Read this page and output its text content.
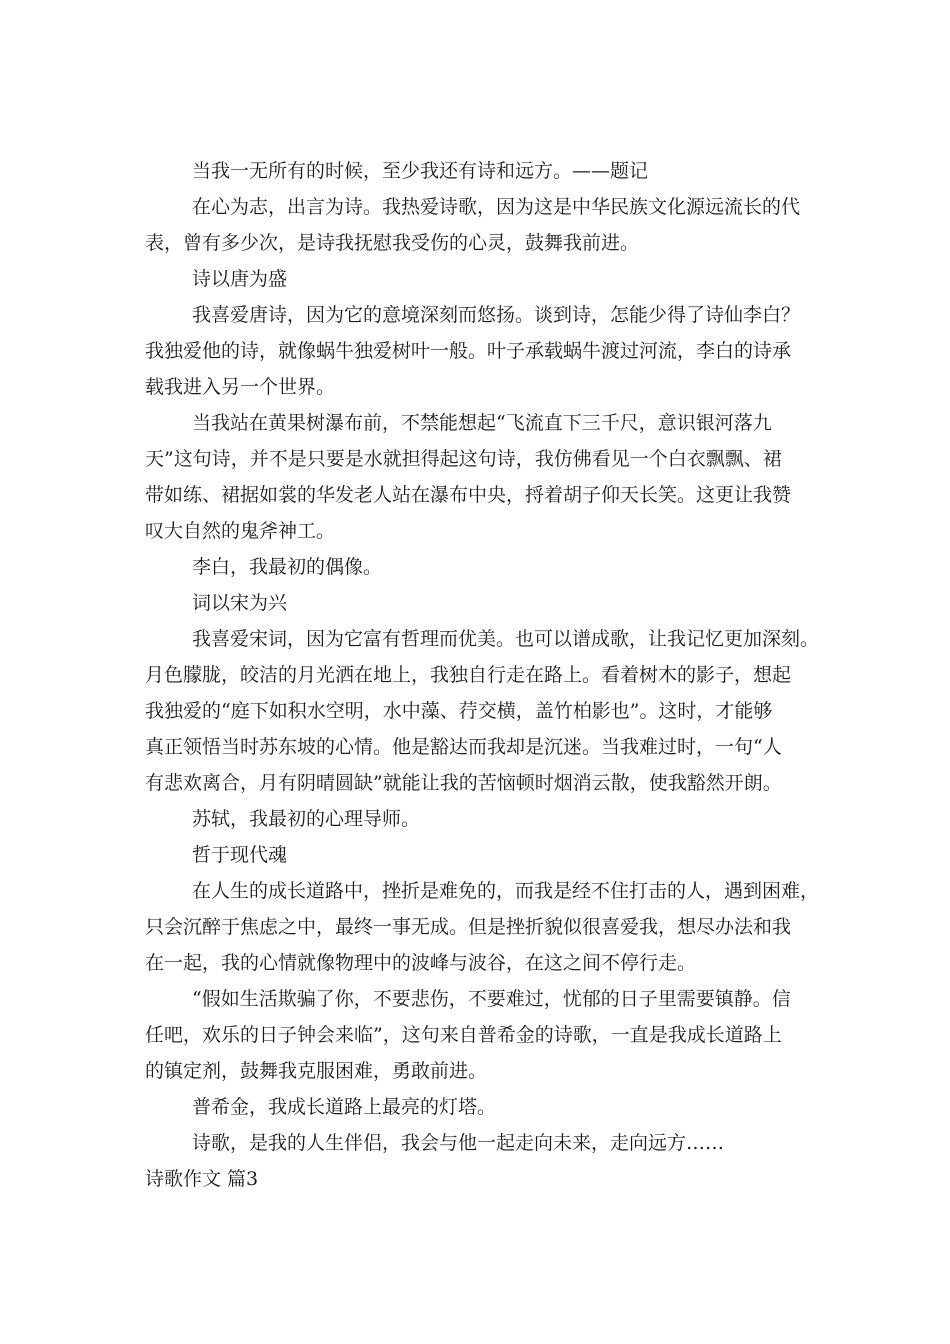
当我一无所有的时候，至少我还有诗和远方。——题记

在心为志，出言为诗。我热爱诗歌，因为这是中华民族文化源远流长的代

表，曾有多少次，是诗我抚慰我受伤的心灵，鼓舞我前进。

诗以唐为盛

我喜爱唐诗，因为它的意境深刻而悠扬。谈到诗，怎能少得了诗仙李白？

我独爱他的诗，就像蜗牛独爱树叶一般。叶子承载蜗牛渡过河流，李白的诗承

载我进入另一个世界。

当我站在黄果树瀑布前，不禁能想起“飞流直下三千尺，意识银河落九

天”这句诗，并不是只要是水就担得起这句诗，我仿佛看见一个白衣飘飘、裙

带如练、裙据如裳的华发老人站在瀑布中央，捋着胡子仰天长笑。这更让我赞

叹大自然的鬼斧神工。

李白，我最初的偶像。

词以宋为兴

我喜爱宋词，因为它富有哲理而优美。也可以谱成歌，让我记忆更加深刻。

月色朦胧，皎洁的月光洒在地上，我独自行走在路上。看着树木的影子，想起

我独爱的“庭下如积水空明，水中藻、荇交横，盖竹柏影也”。这时，才能够

真正领悟当时苏东坡的心情。他是豁达而我却是沉迷。当我难过时，一句“人

有悲欢离合，月有阴晴圆缺”就能让我的苦恼顿时烟消云散，使我豁然开朗。

苏轼，我最初的心理导师。

哲于现代魂

在人生的成长道路中，挫折是难免的，而我是经不住打击的人，遇到困难，

只会沉醉于焦虑之中，最终一事无成。但是挫折貌似很喜爱我，想尽办法和我

在一起，我的心情就像物理中的波峰与波谷，在这之间不停行走。

“假如生活欺骗了你，不要悲伤，不要难过，忧郁的日子里需要镇静。信

任吧，欢乐的日子钟会来临”，这句来自普希金的诗歌，一直是我成长道路上

的镇定剂，鼓舞我克服困难，勇敢前进。

普希金，我成长道路上最亮的灯塔。

诗歌，是我的人生伴侣，我会与他一起走向未来，走向远方……

诗歌作文 篇3
